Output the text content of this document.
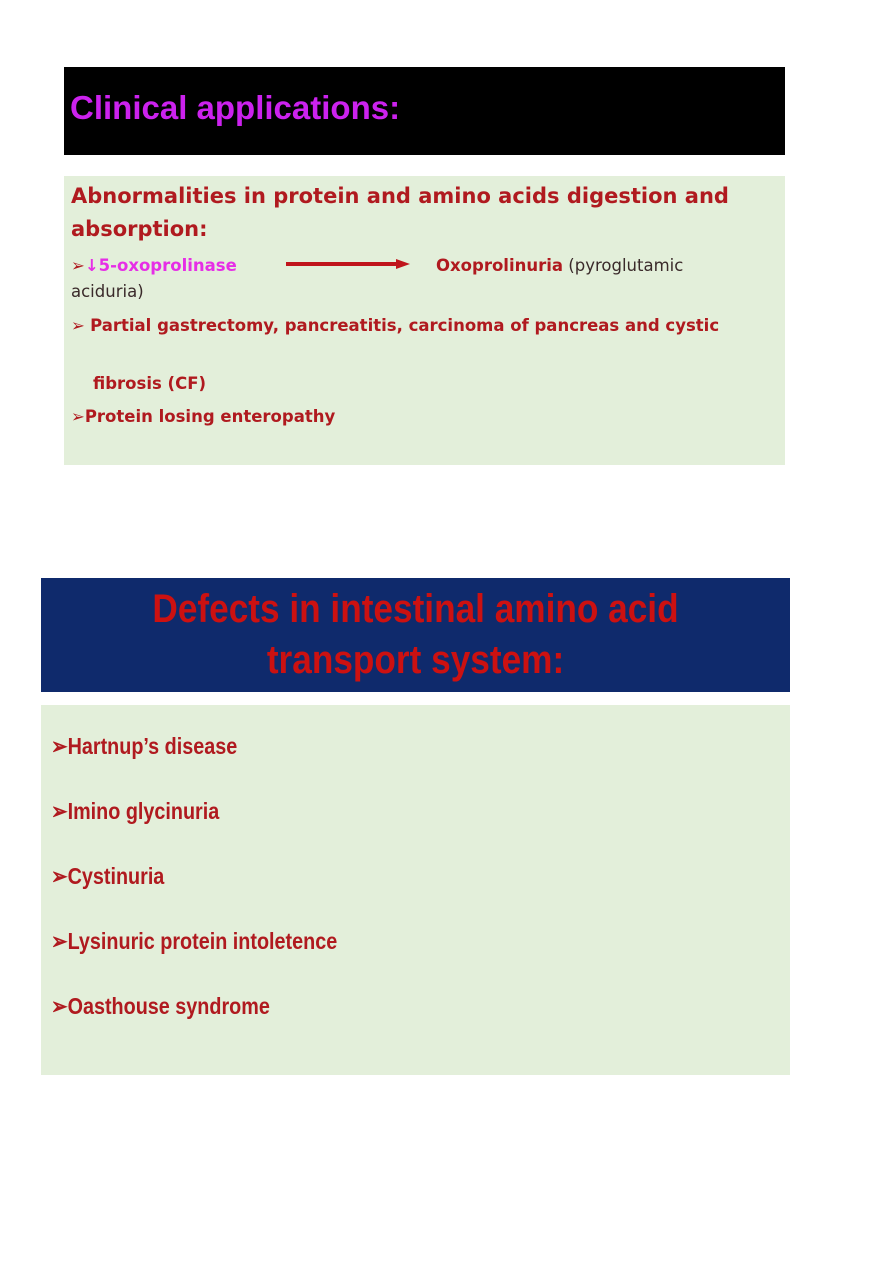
Clinical applications:
Abnormalities in protein and amino acids digestion and absorption:
➢↓5-oxoprolinase	Oxoprolinuria (pyroglutamic
aciduria)
➢ Partial gastrectomy, pancreatitis, carcinoma of pancreas and cystic
fibrosis (CF)
➢Protein losing enteropathy
Defects in intestinal amino acid
transport system:
➢Hartnup’s disease
➢Imino glycinuria
➢Cystinuria
➢Lysinuric protein intoletence
➢Oasthouse syndrome
